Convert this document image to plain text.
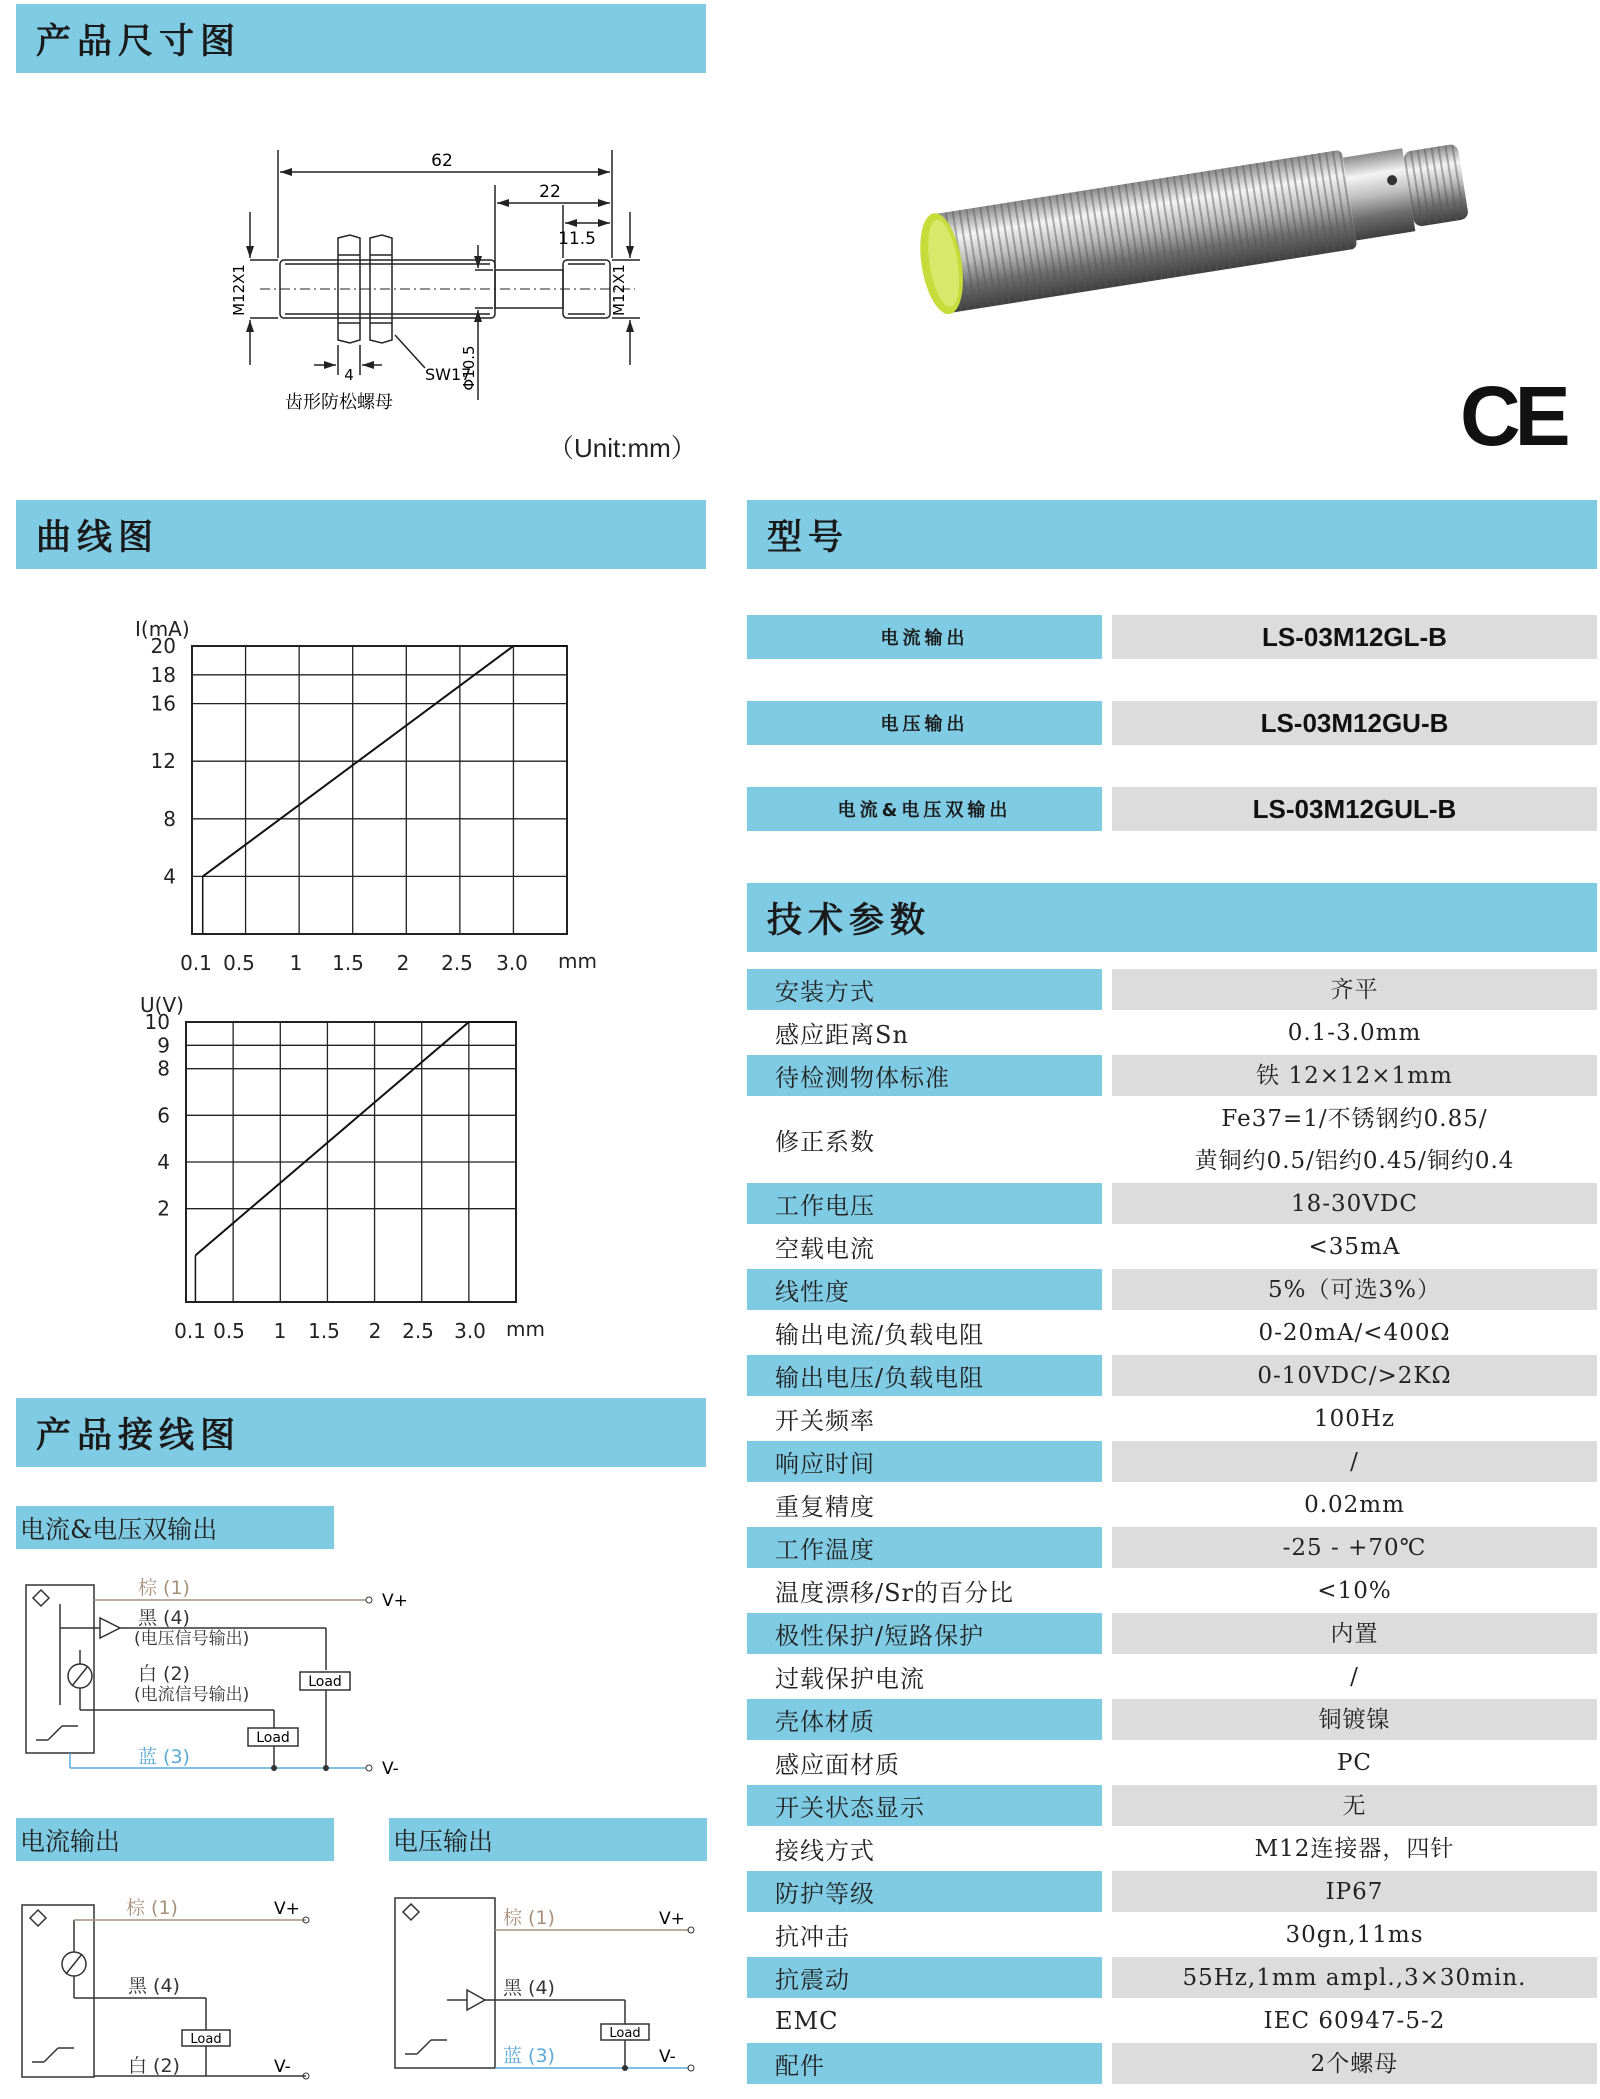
产品尺寸图
曲线图
产品接线图
型号
技术参数
62
22
11.5
M12X1	M12X1
4	SW17
Φ10.5
齿形防松螺母
（Unit:mm）	CE
4
8
12
16
18
20
0.1 0.5 1 1.5 2 2.5 3.0 mm
I(mA)
2
4
6
8
9
10
0.1 0.5 1 1.5 2 2.5 3.0 mm
U(V)
电流输出	LS-03M12GL-B
电压输出	LS-03M12GU-B
电流&电压双输出	LS-03M12GUL-B
安装方式	齐平
感应距离Sn	0.1-3.0mm
待检测物体标准	铁 12×12×1mm
修正系数
Fe37=1/不锈钢约0.85/
黄铜约0.5/铝约0.45/铜约0.4
工作电压	18-30VDC
空载电流	<35mA
线性度	5%（可选3%）
输出电流/负载电阻	0-20mA/<400Ω
输出电压/负载电阻	0-10VDC/>2KΩ
开关频率	100Hz
响应时间	/
重复精度	0.02mm
工作温度	-25 - +70℃
温度漂移/Sr的百分比	<10%
极性保护/短路保护	内置
过载保护电流	/
壳体材质	铜镀镍
感应面材质	PC
开关状态显示	无
接线方式	M12连接器，四针
防护等级	IP67
抗冲击	30gn,11ms
抗震动	55Hz,1mm ampl.,3×30min.
EMC	IEC 60947-5-2
配件	2个螺母
电流&电压双输出
Load
Load
棕 (1)
黑 (4)
(电压信号输出)
白 (2)
(电流信号输出)
蓝 (3)
V+
V-
电流输出
Load
棕 (1)
黑 (4)
白 (2)
V+
V-
电压输出
Load
棕 (1)
黑 (4)
蓝 (3)
V+
V-
